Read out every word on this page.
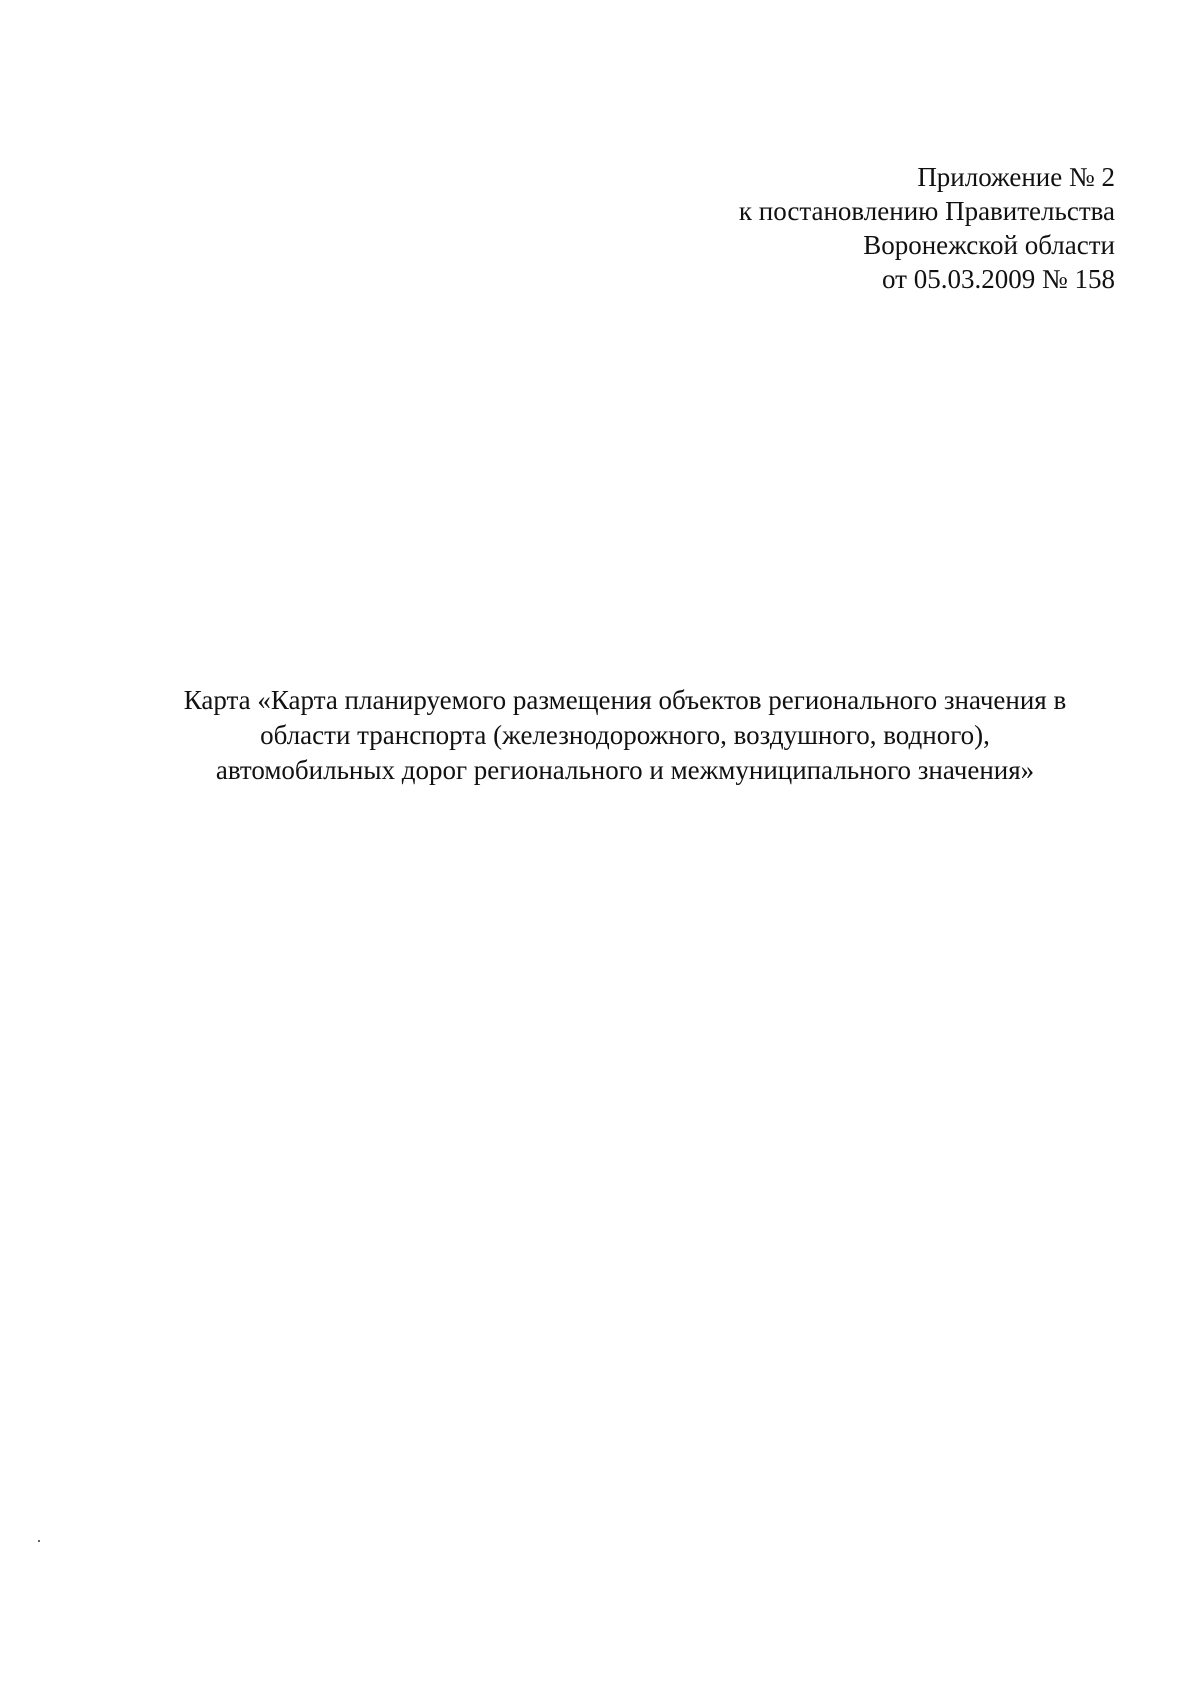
Приложение № 2
к постановлению Правительства
Воронежской области
от 05.03.2009 № 158
Карта «Карта планируемого размещения объектов регионального значения в
области транспорта (железнодорожного, воздушного, водного),
автомобильных дорог регионального и межмуниципального значения»
